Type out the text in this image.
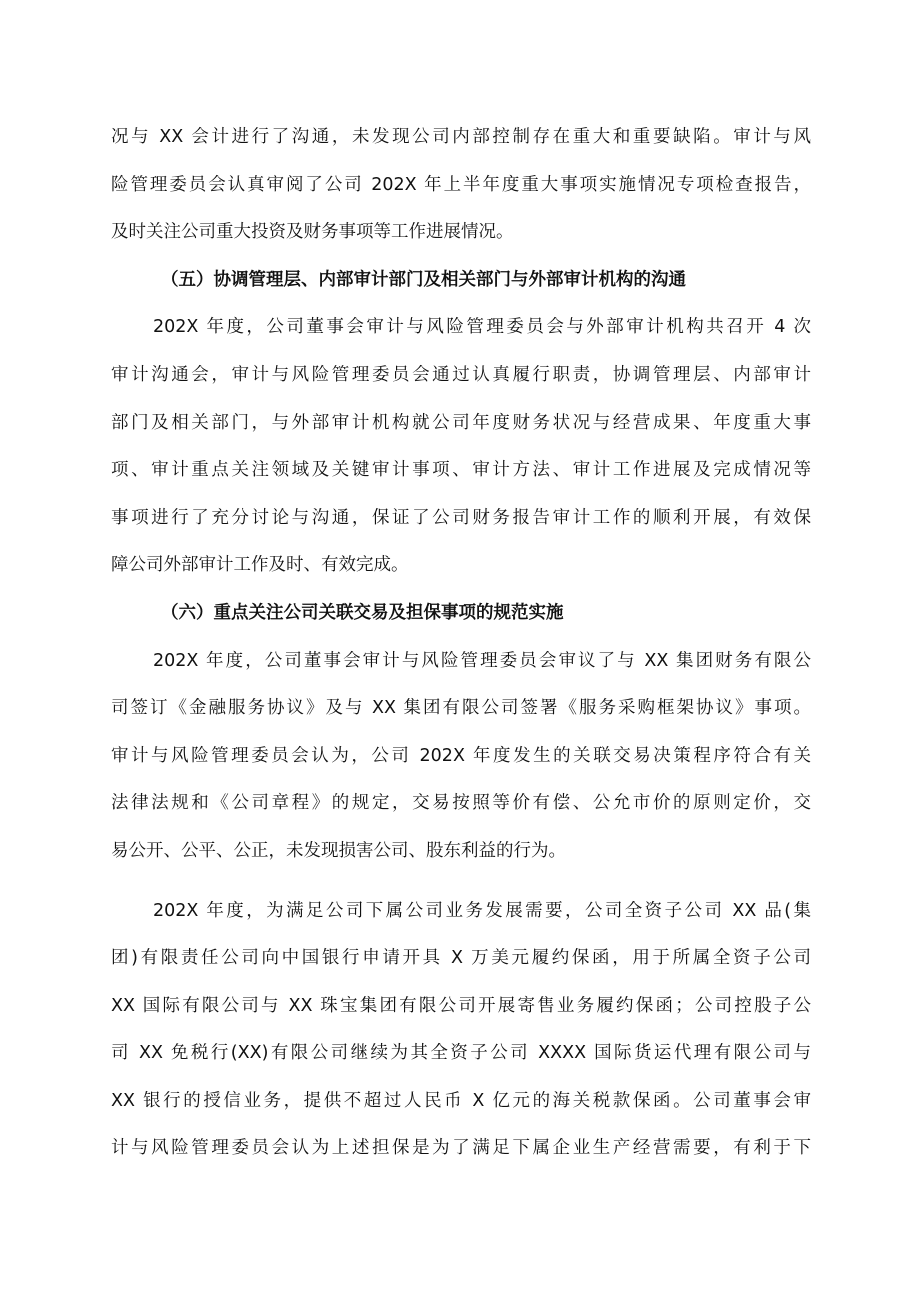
况与 XX 会计进行了沟通，未发现公司内部控制存在重大和重要缺陷。审计与风
险管理委员会认真审阅了公司 202X 年上半年度重大事项实施情况专项检查报告，
及时关注公司重大投资及财务事项等工作进展情况。
（五）协调管理层、内部审计部门及相关部门与外部审计机构的沟通
202X 年度，公司董事会审计与风险管理委员会与外部审计机构共召开 4 次
审计沟通会，审计与风险管理委员会通过认真履行职责，协调管理层、内部审计
部门及相关部门，与外部审计机构就公司年度财务状况与经营成果、年度重大事
项、审计重点关注领域及关键审计事项、审计方法、审计工作进展及完成情况等
事项进行了充分讨论与沟通，保证了公司财务报告审计工作的顺利开展，有效保
障公司外部审计工作及时、有效完成。
（六）重点关注公司关联交易及担保事项的规范实施
202X 年度，公司董事会审计与风险管理委员会审议了与 XX 集团财务有限公
司签订《金融服务协议》及与 XX 集团有限公司签署《服务采购框架协议》事项。
审计与风险管理委员会认为，公司 202X 年度发生的关联交易决策程序符合有关
法律法规和《公司章程》的规定，交易按照等价有偿、公允市价的原则定价，交
易公开、公平、公正，未发现损害公司、股东利益的行为。
202X 年度，为满足公司下属公司业务发展需要，公司全资子公司 XX 品(集
团)有限责任公司向中国银行申请开具 X 万美元履约保函，用于所属全资子公司
XX 国际有限公司与 XX 珠宝集团有限公司开展寄售业务履约保函；公司控股子公
司 XX 免税行(XX)有限公司继续为其全资子公司 XXXX 国际货运代理有限公司与
XX 银行的授信业务，提供不超过人民币 X 亿元的海关税款保函。公司董事会审
计与风险管理委员会认为上述担保是为了满足下属企业生产经营需要，有利于下
